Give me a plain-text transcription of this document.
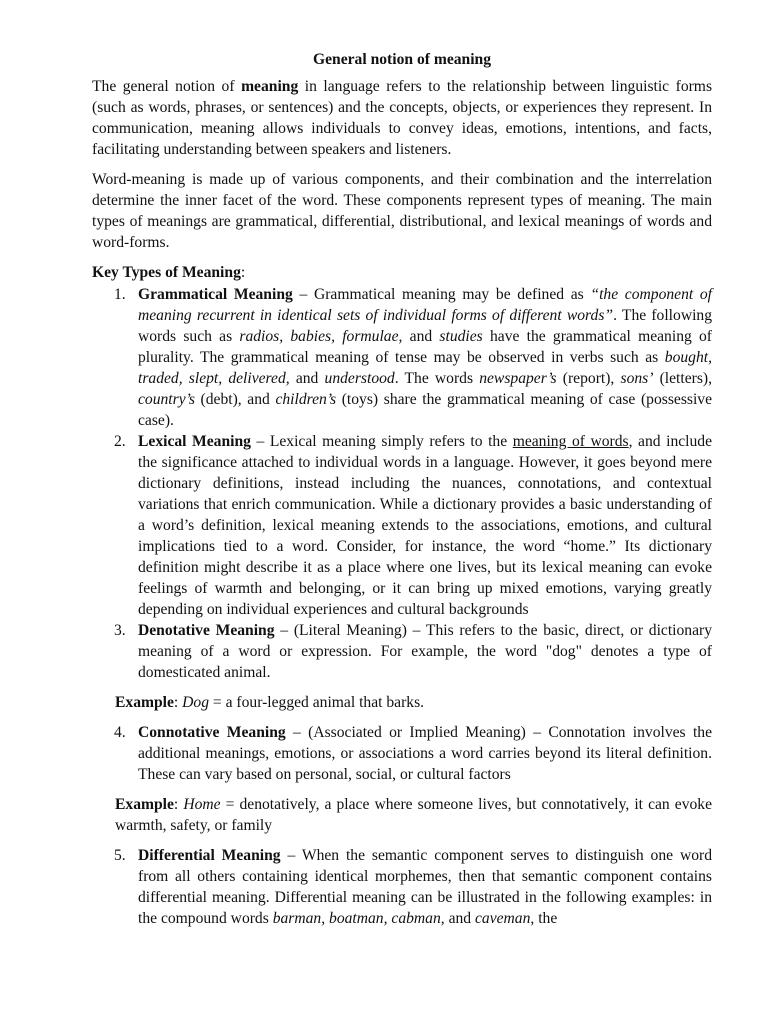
General notion of meaning

The general notion of meaning in language refers to the relationship between linguistic forms (such as words, phrases, or sentences) and the concepts, objects, or experiences they represent. In communication, meaning allows individuals to convey ideas, emotions, intentions, and facts, facilitating understanding between speakers and listeners.

Word-meaning is made up of various components, and their combination and the interrelation determine the inner facet of the word. These components represent types of meaning. The main types of meanings are grammatical, differential, distributional, and lexical meanings of words and word-forms.

Key Types of Meaning:

1. Grammatical Meaning – Grammatical meaning may be defined as “the component of meaning recurrent in identical sets of individual forms of different words”. The following words such as radios, babies, formulae, and studies have the grammatical meaning of plurality. The grammatical meaning of tense may be observed in verbs such as bought, traded, slept, delivered, and understood. The words newspaper’s (report), sons’ (letters), country’s (debt), and children’s (toys) share the grammatical meaning of case (possessive case).
2. Lexical Meaning – Lexical meaning simply refers to the meaning of words, and include the significance attached to individual words in a language. However, it goes beyond mere dictionary definitions, instead including the nuances, connotations, and contextual variations that enrich communication. While a dictionary provides a basic understanding of a word’s definition, lexical meaning extends to the associations, emotions, and cultural implications tied to a word. Consider, for instance, the word “home.” Its dictionary definition might describe it as a place where one lives, but its lexical meaning can evoke feelings of warmth and belonging, or it can bring up mixed emotions, varying greatly depending on individual experiences and cultural backgrounds
3. Denotative Meaning – (Literal Meaning) – This refers to the basic, direct, or dictionary meaning of a word or expression. For example, the word "dog" denotes a type of domesticated animal.

Example: Dog = a four-legged animal that barks.

4. Connotative Meaning – (Associated or Implied Meaning) – Connotation involves the additional meanings, emotions, or associations a word carries beyond its literal definition. These can vary based on personal, social, or cultural factors

Example: Home = denotatively, a place where someone lives, but connotatively, it can evoke warmth, safety, or family

5. Differential Meaning – When the semantic component serves to distinguish one word from all others containing identical morphemes, then that semantic component contains differential meaning. Differential meaning can be illustrated in the following examples: in the compound words barman, boatman, cabman, and caveman, the
